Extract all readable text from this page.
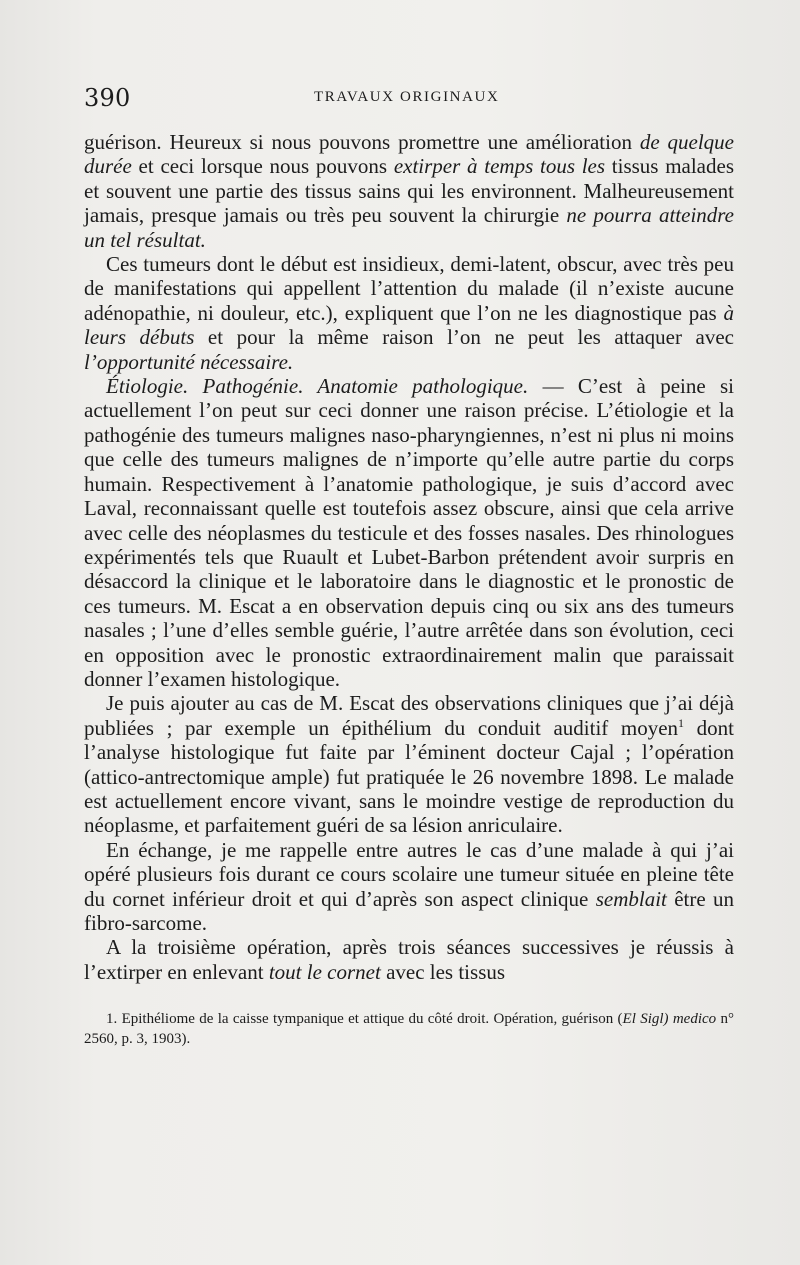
390	TRAVAUX ORIGINAUX

guérison. Heureux si nous pouvons promettre une amélioration de quelque durée et ceci lorsque nous pouvons extirper à temps tous les tissus malades et souvent une partie des tissus sains qui les environnent. Malheureusement jamais, presque jamais ou très peu souvent la chirurgie ne pourra atteindre un tel résultat.

Ces tumeurs dont le début est insidieux, demi-latent, obscur, avec très peu de manifestations qui appellent l’attention du malade (il n’existe aucune adénopathie, ni douleur, etc.), expliquent que l’on ne les diagnostique pas à leurs débuts et pour la même raison l’on ne peut les attaquer avec l’opportunité nécessaire.

Étiologie. Pathogénie. Anatomie pathologique. — C’est à peine si actuellement l’on peut sur ceci donner une raison précise. L’étiologie et la pathogénie des tumeurs malignes naso-pharyngiennes, n’est ni plus ni moins que celle des tumeurs malignes de n’importe qu’elle autre partie du corps humain. Respectivement à l’anatomie pathologique, je suis d’accord avec Laval, reconnaissant quelle est toutefois assez obscure, ainsi que cela arrive avec celle des néoplasmes du testicule et des fosses nasales. Des rhinologues expérimentés tels que Ruault et Lubet-Barbon prétendent avoir surpris en désaccord la clinique et le laboratoire dans le diagnostic et le pronostic de ces tumeurs. M. Escat a en observation depuis cinq ou six ans des tumeurs nasales ; l’une d’elles semble guérie, l’autre arrêtée dans son évolution, ceci en opposition avec le pronostic extraordinairement malin que paraissait donner l’examen histologique.

Je puis ajouter au cas de M. Escat des observations cliniques que j’ai déjà publiées ; par exemple un épithélium du conduit auditif moyen$^1$ dont l’analyse histologique fut faite par l’éminent docteur Cajal ; l’opération (attico-antrectomique ample) fut pratiquée le 26 novembre 1898. Le malade est actuellement encore vivant, sans le moindre vestige de reproduction du néoplasme, et parfaitement guéri de sa lésion anriculaire.

En échange, je me rappelle entre autres le cas d’une malade à qui j’ai opéré plusieurs fois durant ce cours scolaire une tumeur située en pleine tête du cornet inférieur droit et qui d’après son aspect clinique semblait être un fibro-sarcome.

A la troisième opération, après trois séances successives je réussis à l’extirper en enlevant tout le cornet avec les tissus

1. Epithéliome de la caisse tympanique et attique du côté droit. Opération, guérison (El Sigl) medico n° 2560, p. 3, 1903).
